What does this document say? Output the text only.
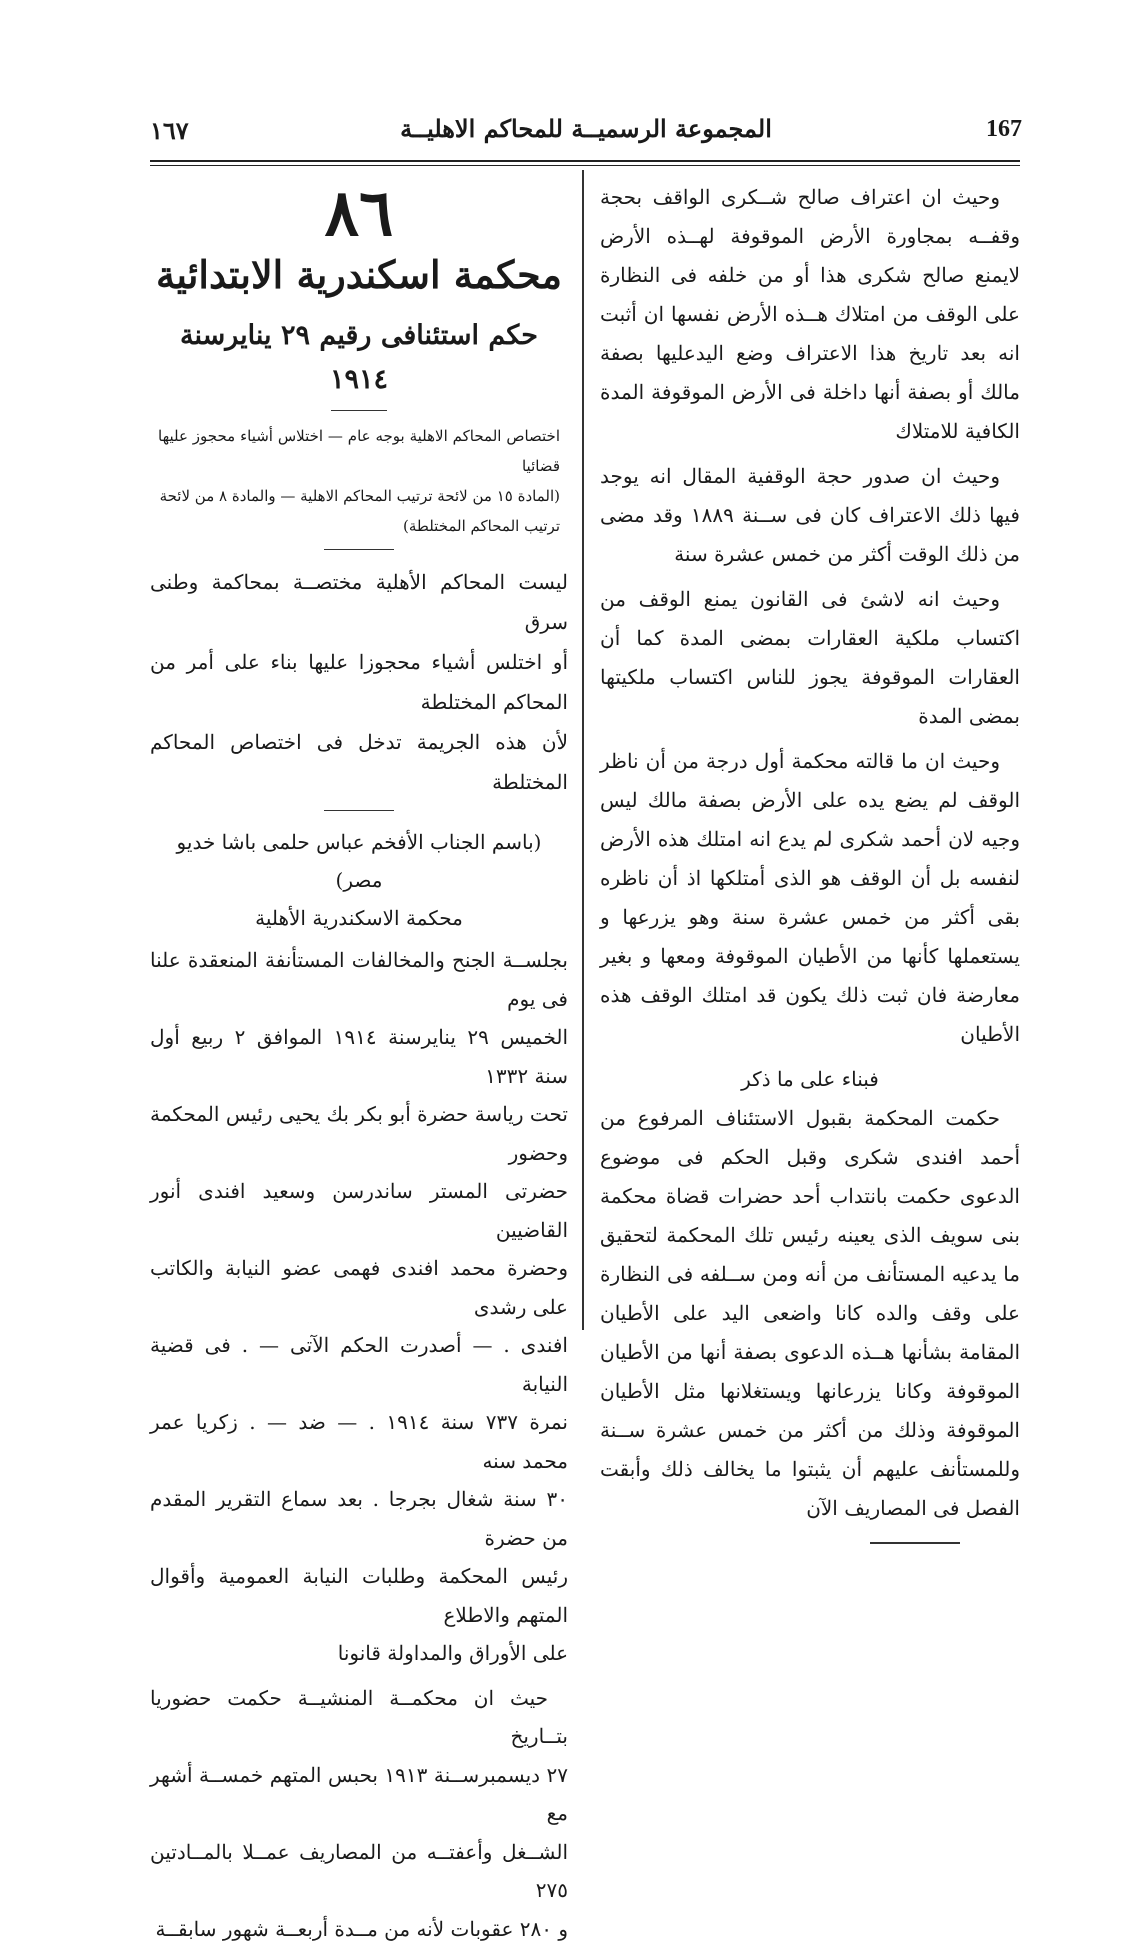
١٦٧	المجموعة الرسميــة للمحاكم الاهليــة	167
٨٦
محكمة اسكندرية الابتدائية
حكم استئنافى رقيم ٢٩ ينايرسنة ١٩١٤

اختصاص المحاكم الاهلية بوجه عام — اختلاس أشياء محجوز عليها قضائيا

(المادة ١٥ من لائحة ترتيب المحاكم الاهلية — والمادة ٨ من لائحة

ترتيب المحاكم المختلطة)

ليست المحاكم الأهلية مختصــة بمحاكمة وطنى سرق

أو اختلس أشياء محجوزا عليها بناء على أمر من المحاكم المختلطة

لأن هذه الجريمة تدخل فى اختصاص المحاكم المختلطة

(باسم الجناب الأفخم عباس حلمى باشا خديو مصر)
محكمة الاسكندرية الأهلية

بجلســة الجنح والمخالفات المستأنفة المنعقدة علنا فى يوم

الخميس ٢٩ ينايرسنة ١٩١٤ الموافق ٢ ربيع أول سنة ١٣٣٢

تحت رياسة حضرة أبو بكر بك يحيى رئيس المحكمة وحضور

حضرتى المستر ساندرسن وسعيد افندى أنور القاضيين

وحضرة محمد افندى فهمى عضو النيابة والكاتب على رشدى

افندى . — أصدرت الحكم الآتى — . فى قضية النيابة

نمرة ٧٣٧ سنة ١٩١٤ . — ضد — . زكريا عمر محمد سنه

٣٠ سنة شغال بجرجا . بعد سماع التقرير المقدم من حضرة

رئيس المحكمة وطلبات النيابة العمومية وأقوال المتهم والاطلاع

على الأوراق والمداولة قانونا

حيث ان محكمــة المنشيــة حكمت حضوريا بتــاريخ

٢٧ ديسمبرســنة ١٩١٣ بحبس المتهم خمســة أشهر مع

الشــغل وأعفتــه من المصاريف عمــلا بالمــادتين ٢٧٥

و ٢٨٠ عقوبات لأنه من مــدة أربعــة شهور سابقــة

وحيث ان اعتراف صالح شــكرى الواقف بحجة وقفــه بمجاورة الأرض الموقوفة لهــذه الأرض لايمنع صالح شكرى هذا أو من خلفه فى النظارة على الوقف من امتلاك هــذه الأرض نفسها ان أثبت انه بعد تاريخ هذا الاعتراف وضع اليدعليها بصفة مالك أو بصفة أنها داخلة فى الأرض الموقوفة المدة الكافية للامتلاك

وحيث ان صدور حجة الوقفية المقال انه يوجد فيها ذلك الاعتراف كان فى ســنة ١٨٨٩ وقد مضى من ذلك الوقت أكثر من خمس عشرة سنة

وحيث انه لاشئ فى القانون يمنع الوقف من اكتساب ملكية العقارات بمضى المدة كما أن العقارات الموقوفة يجوز للناس اكتساب ملكيتها بمضى المدة

وحيث ان ما قالته محكمة أول درجة من أن ناظر الوقف لم يضع يده على الأرض بصفة مالك ليس وجيه لان أحمد شكرى لم يدع انه امتلك هذه الأرض لنفسه بل أن الوقف هو الذى أمتلكها اذ أن ناظره بقى أكثر من خمس عشرة سنة وهو يزرعها و يستعملها كأنها من الأطيان الموقوفة ومعها و بغير معارضة فان ثبت ذلك يكون قد امتلك الوقف هذه الأطيان

فبناء على ما ذكر

حكمت المحكمة بقبول الاستئناف المرفوع من أحمد افندى شكرى وقبل الحكم فى موضوع الدعوى حكمت بانتداب أحد حضرات قضاة محكمة بنى سويف الذى يعينه رئيس تلك المحكمة لتحقيق ما يدعيه المستأنف من أنه ومن ســلفه فى النظارة على وقف والده كانا واضعى اليد على الأطيان المقامة بشأنها هــذه الدعوى بصفة أنها من الأطيان الموقوفة وكانا يزرعانها ويستغلانها مثل الأطيان الموقوفة وذلك من أكثر من خمس عشرة ســنة وللمستأنف عليهم أن يثبتوا ما يخالف ذلك وأبقت الفصل فى المصاريف الآن
